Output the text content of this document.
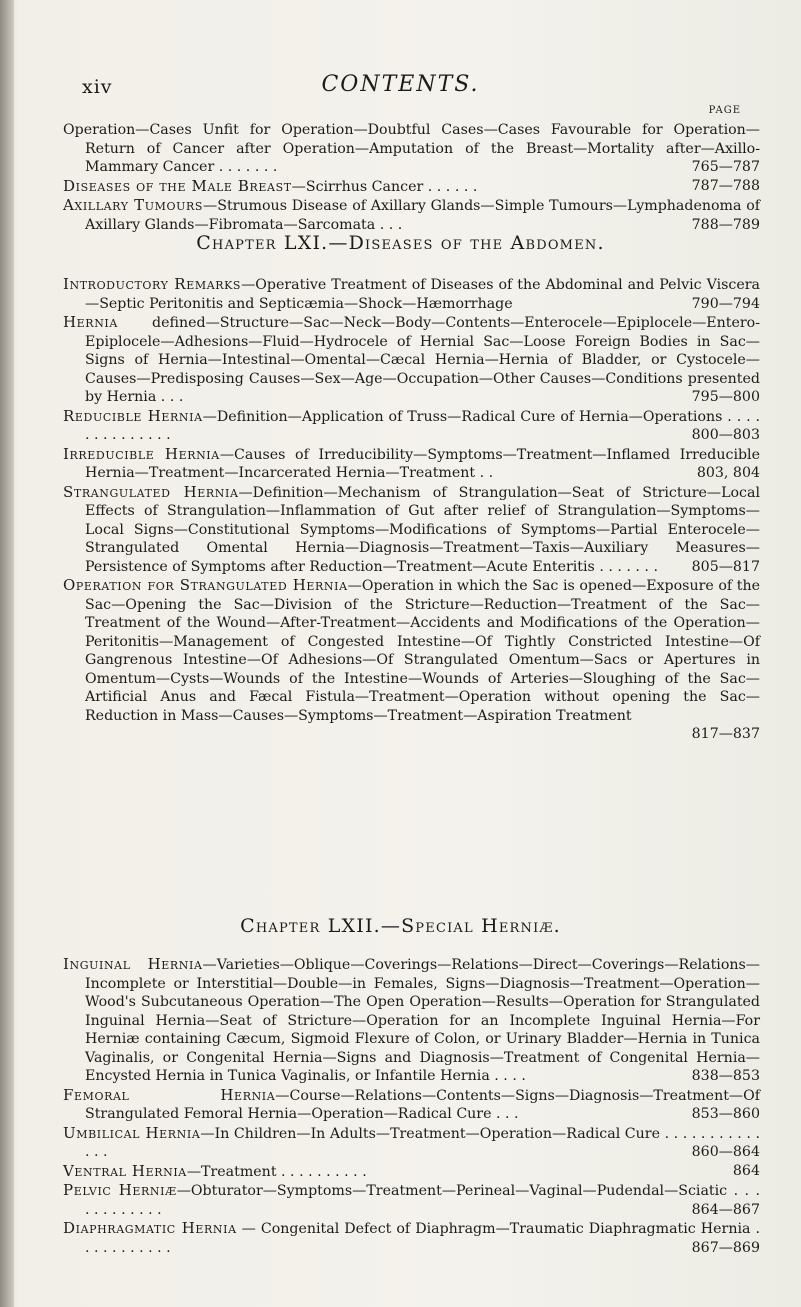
xiv	CONTENTS.
PAGE

Operation—Cases Unfit for Operation—Doubtful Cases—Cases Favourable for Operation—Return of Cancer after Operation—Amputation of the Breast—Mortality after—Axillo-Mammary Cancer . . . . . . .	765—787

Diseases of the Male Breast—Scirrhus Cancer . . . . . .	787—788

Axillary Tumours—Strumous Disease of Axillary Glands—Simple Tumours—Lymphadenoma of Axillary Glands—Fibromata—Sarcomata . . .	788—789

Chapter LXI.—Diseases of the Abdomen.

Introductory Remarks—Operative Treatment of Diseases of the Abdominal and Pelvic Viscera—Septic Peritonitis and Septicæmia—Shock—Hæmorrhage	790—794

Hernia defined—Structure—Sac—Neck—Body—Contents—Enterocele—Epiplocele—Entero-Epiplocele—Adhesions—Fluid—Hydrocele of Hernial Sac—Loose Foreign Bodies in Sac—Signs of Hernia—Intestinal—Omental—Cæcal Hernia—Hernia of Bladder, or Cystocele—Causes—Predisposing Causes—Sex—Age—Occupation—Other Causes—Conditions presented by Hernia . . .	795—800

Reducible Hernia—Definition—Application of Truss—Radical Cure of Hernia—Operations . . . . . . . . . . . . . .	800—803

Irreducible Hernia—Causes of Irreducibility—Symptoms—Treatment—Inflamed Irreducible Hernia—Treatment—Incarcerated Hernia—Treatment . .	803, 804

Strangulated Hernia—Definition—Mechanism of Strangulation—Seat of Stricture—Local Effects of Strangulation—Inflammation of Gut after relief of Strangulation—Symptoms—Local Signs—Constitutional Symptoms—Modifications of Symptoms—Partial Enterocele—Strangulated Omental Hernia—Diagnosis—Treatment—Taxis—Auxiliary Measures—Persistence of Symptoms after Reduction—Treatment—Acute Enteritis . . . . . . . 805—817

Operation for Strangulated Hernia—Operation in which the Sac is opened—Exposure of the Sac—Opening the Sac—Division of the Stricture—Reduction—Treatment of the Sac—Treatment of the Wound—After-Treatment—Accidents and Modifications of the Operation—Peritonitis—Management of Congested Intestine—Of Tightly Constricted Intestine—Of Gangrenous Intestine—Of Adhesions—Of Strangulated Omentum—Sacs or Apertures in Omentum—Cysts—Wounds of the Intestine—Wounds of Arteries—Sloughing of the Sac—Artificial Anus and Fæcal Fistula—Treatment—Operation without opening the Sac—Reduction in Mass—Causes—Symptoms—Treatment—Aspiration Treatment
817—837

Chapter LXII.—Special Herniæ.

Inguinal Hernia—Varieties—Oblique—Coverings—Relations—Direct—Coverings—Relations—Incomplete or Interstitial—Double—in Females, Signs—Diagnosis—Treatment—Operation—Wood's Subcutaneous Operation—The Open Operation—Results—Operation for Strangulated Inguinal Hernia—Seat of Stricture—Operation for an Incomplete Inguinal Hernia—For Herniæ containing Cæcum, Sigmoid Flexure of Colon, or Urinary Bladder—Hernia in Tunica Vaginalis, or Congenital Hernia—Signs and Diagnosis—Treatment of Congenital Hernia—Encysted Hernia in Tunica Vaginalis, or Infantile Hernia . . . .	838—853

Femoral Hernia—Course—Relations—Contents—Signs—Diagnosis—Treatment—Of Strangulated Femoral Hernia—Operation—Radical Cure . . .	853—860

Umbilical Hernia—In Children—In Adults—Treatment—Operation—Radical Cure . . . . . . . . . . . . . .	860—864

Ventral Hernia—Treatment . . . . . . . . . .	864

Pelvic Herniæ—Obturator—Symptoms—Treatment—Perineal—Vaginal—Pudendal—Sciatic . . . . . . . . . . . .	864—867

Diaphragmatic Hernia — Congenital Defect of Diaphragm—Traumatic Diaphragmatic Hernia . . . . . . . . . . .	867—869
